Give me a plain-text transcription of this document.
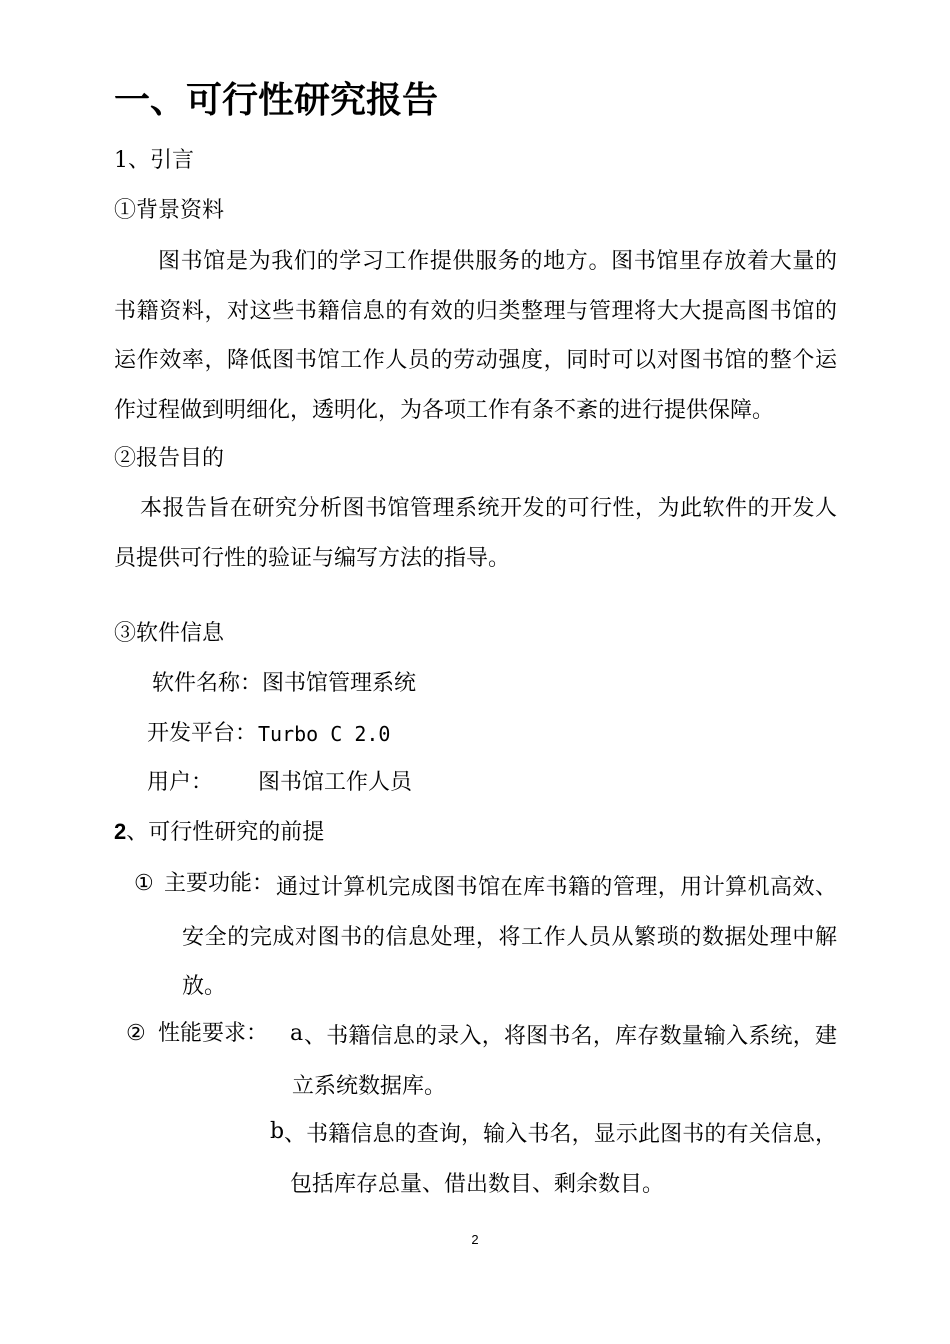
一、可行性研究报告
1、引言
①背景资料
图书馆是为我们的学习工作提供服务的地方。图书馆里存放着大量的书籍资料，对这些书籍信息的有效的归类整理与管理将大大提高图书馆的运作效率，降低图书馆工作人员的劳动强度，同时可以对图书馆的整个运作过程做到明细化，透明化，为各项工作有条不紊的进行提供保障。
②报告目的
本报告旨在研究分析图书馆管理系统开发的可行性，为此软件的开发人员提供可行性的验证与编写方法的指导。
③软件信息
软件名称： 图书馆管理系统
开发平台： Turbo C 2.0
用户： 图书馆工作人员
2、可行性研究的前提
① 主要功能： 通过计算机完成图书馆在库书籍的管理，用计算机高效、安全的完成对图书的信息处理，将工作人员从繁琐的数据处理中解放。
② 性能要求： a 、书籍信息的录入，将图书名，库存数量输入系统，建立系统数据库。
b 、书籍信息的查询，输入书名，显示此图书的有关信息，包括库存总量、借出数目、剩余数目。
2
